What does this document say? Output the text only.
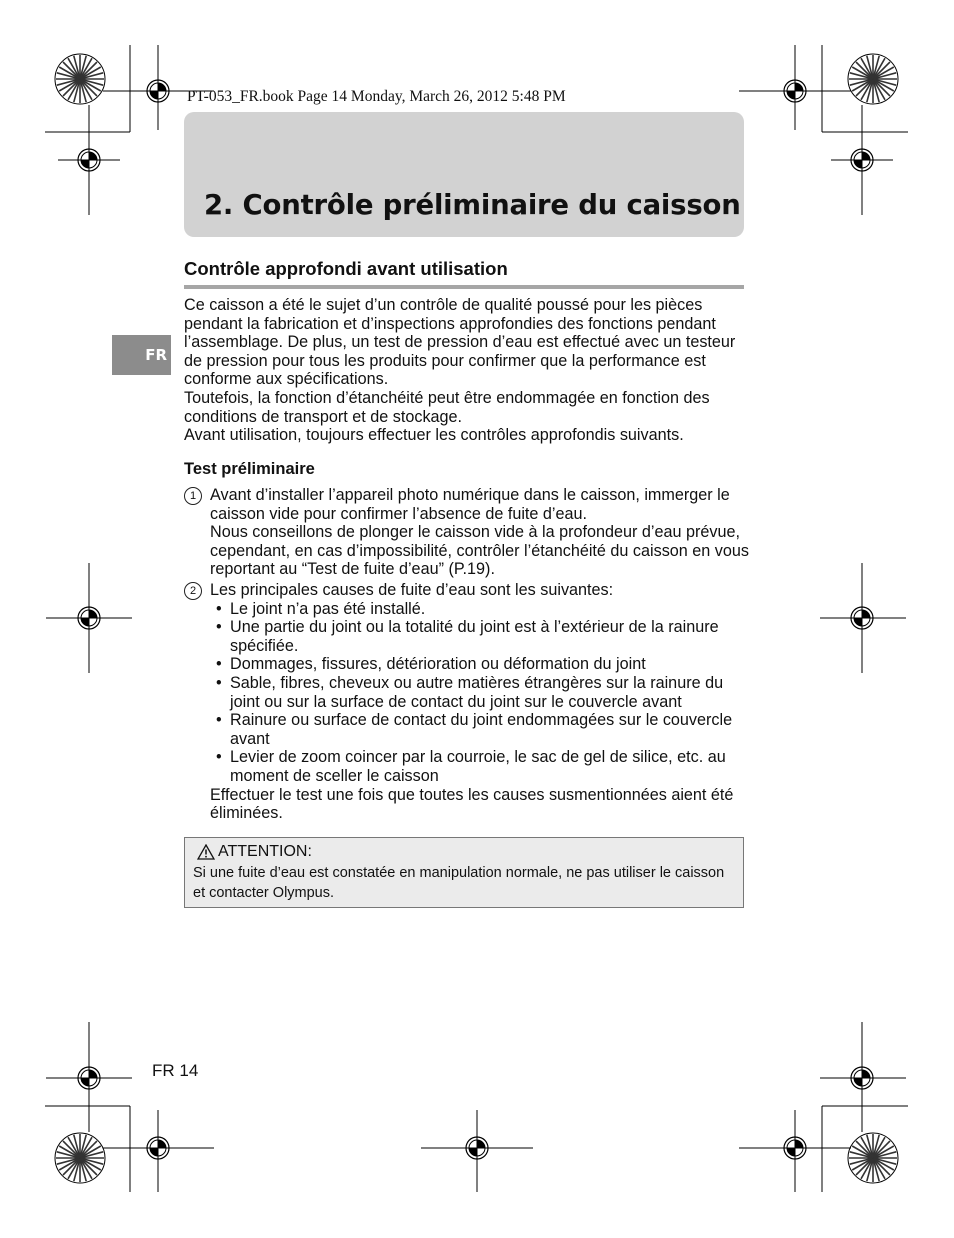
PT-053_FR.book Page 14 Monday, March 26, 2012 5:48 PM
2. Contrôle préliminaire du caisson
FR
Contrôle approfondi avant utilisation

Ce caisson a été le sujet d’un contrôle de qualité poussé pour les pièces pendant la fabrication et d’inspections approfondies des fonctions pendant l’assemblage. De plus, un test de pression d’eau est effectué avec un testeur de pression pour tous les produits pour confirmer que la performance est conforme aux spécifications.

Toutefois, la fonction d’étanchéité peut être endommagée en fonction des conditions de transport et de stockage.

Avant utilisation, toujours effectuer les contrôles approfondis suivants.

Test préliminaire
1 Avant d’installer l’appareil photo numérique dans le caisson, immerger le caisson vide pour confirmer l’absence de fuite d’eau.

Nous conseillons de plonger le caisson vide à la profondeur d’eau prévue, cependant, en cas d’impossibilité, contrôler l’étanchéité du caisson en vous reportant au “Test de fuite d’eau” (P.19).

2 Les principales causes de fuite d’eau sont les suivantes:

• Le joint n’a pas été installé.
• Une partie du joint ou la totalité du joint est à l’extérieur de la rainure spécifiée.
• Dommages, fissures, détérioration ou déformation du joint
• Sable, fibres, cheveux ou autre matières étrangères sur la rainure du joint ou sur la surface de contact du joint sur le couvercle avant
• Rainure ou surface de contact du joint endommagées sur le couvercle avant
• Levier de zoom coincer par la courroie, le sac de gel de silice, etc. au moment de sceller le caisson

Effectuer le test une fois que toutes les causes susmentionnées aient été éliminées.

ATTENTION:
Si une fuite d’eau est constatée en manipulation normale, ne pas utiliser le caisson et contacter Olympus.
FR 14
